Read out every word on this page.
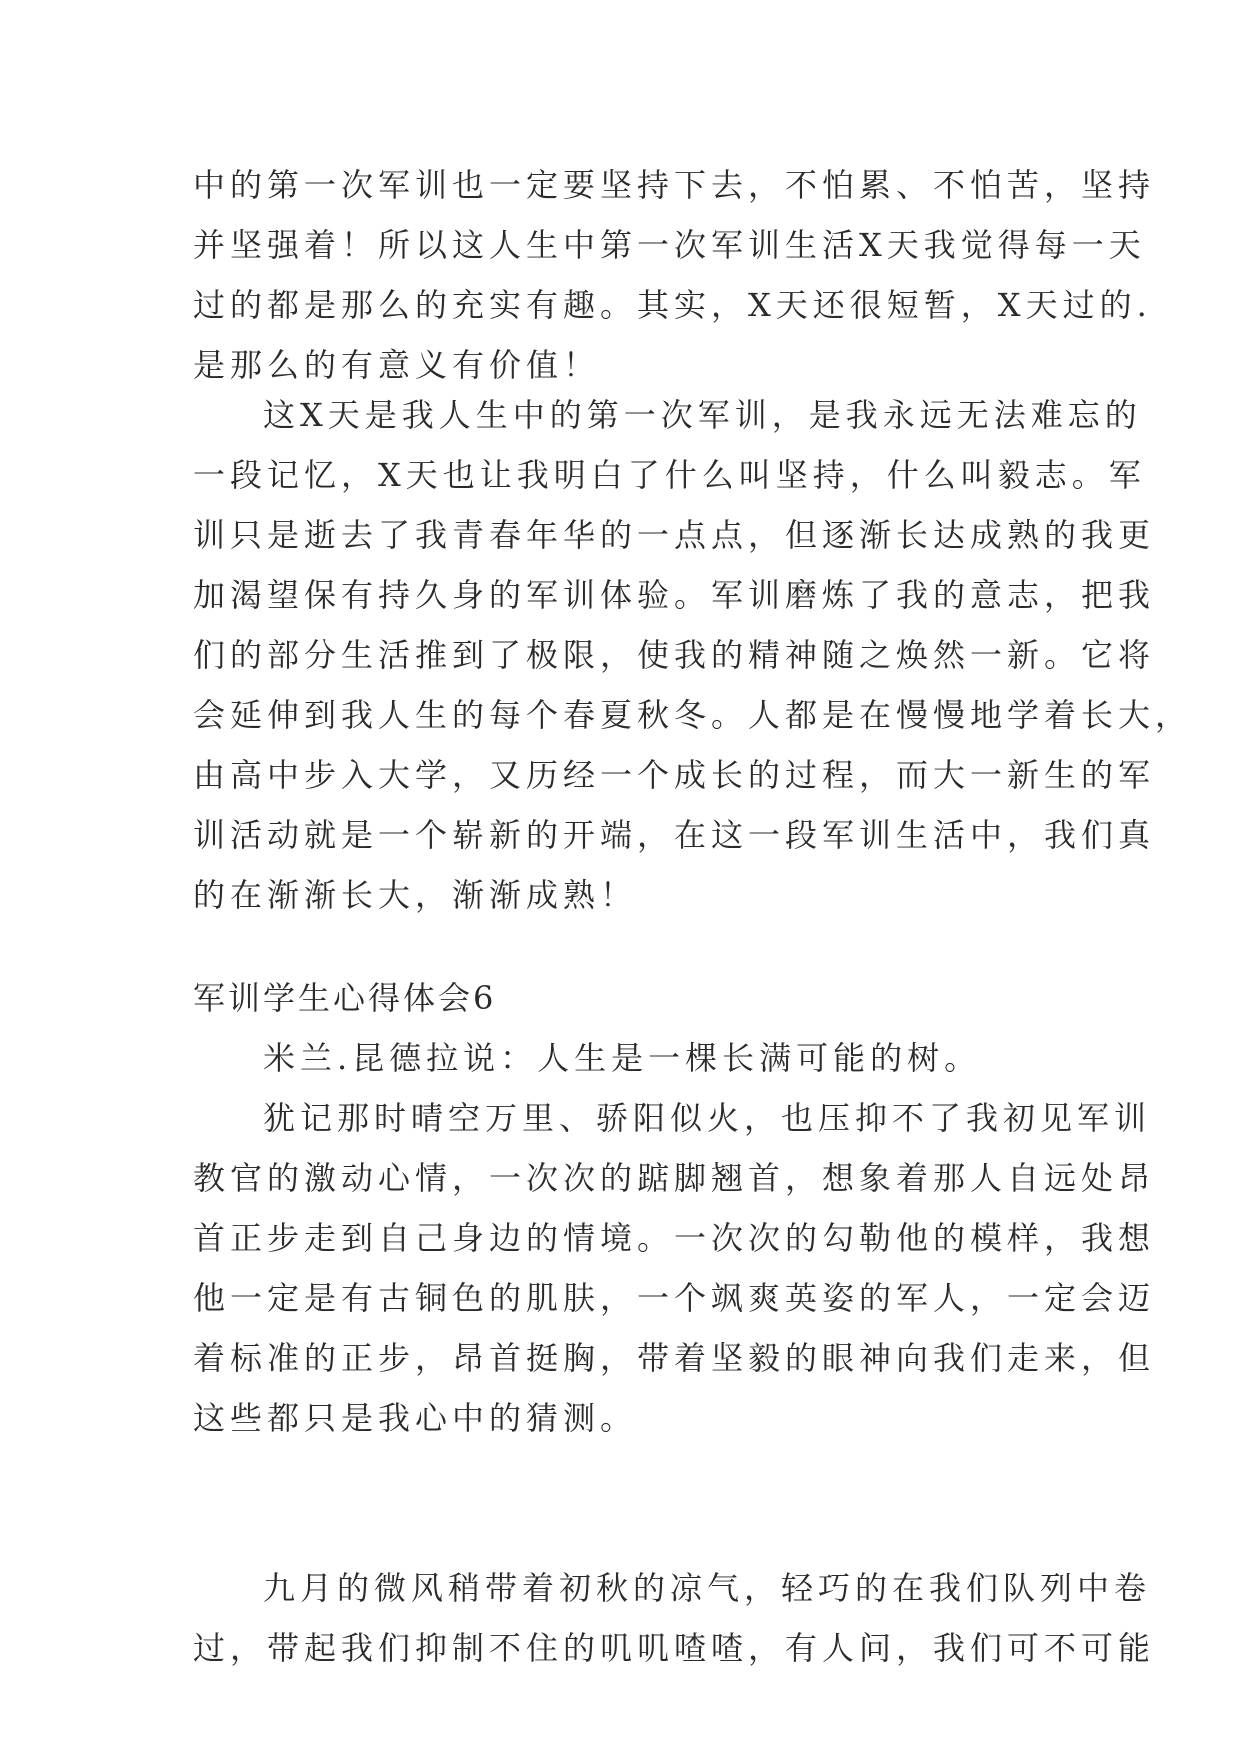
中的第一次军训也一定要坚持下去，不怕累、不怕苦，坚持
并坚强着！所以这人生中第一次军训生活X天我觉得每一天
过的都是那么的充实有趣。其实，X天还很短暂，X天过的.
是那么的有意义有价值！
这X天是我人生中的第一次军训，是我永远无法难忘的
一段记忆，X天也让我明白了什么叫坚持，什么叫毅志。军
训只是逝去了我青春年华的一点点，但逐渐长达成熟的我更
加渴望保有持久身的军训体验。军训磨炼了我的意志，把我
们的部分生活推到了极限，使我的精神随之焕然一新。它将
会延伸到我人生的每个春夏秋冬。人都是在慢慢地学着长大，
由高中步入大学，又历经一个成长的过程，而大一新生的军
训活动就是一个崭新的开端，在这一段军训生活中，我们真
的在渐渐长大，渐渐成熟！
军训学生心得体会6
米兰.昆德拉说：人生是一棵长满可能的树。
犹记那时晴空万里、骄阳似火，也压抑不了我初见军训
教官的激动心情，一次次的踮脚翘首，想象着那人自远处昂
首正步走到自己身边的情境。一次次的勾勒他的模样，我想
他一定是有古铜色的肌肤，一个飒爽英姿的军人，一定会迈
着标准的正步，昂首挺胸，带着坚毅的眼神向我们走来，但
这些都只是我心中的猜测。
九月的微风稍带着初秋的凉气，轻巧的在我们队列中卷
过，带起我们抑制不住的叽叽喳喳，有人问，我们可不可能
